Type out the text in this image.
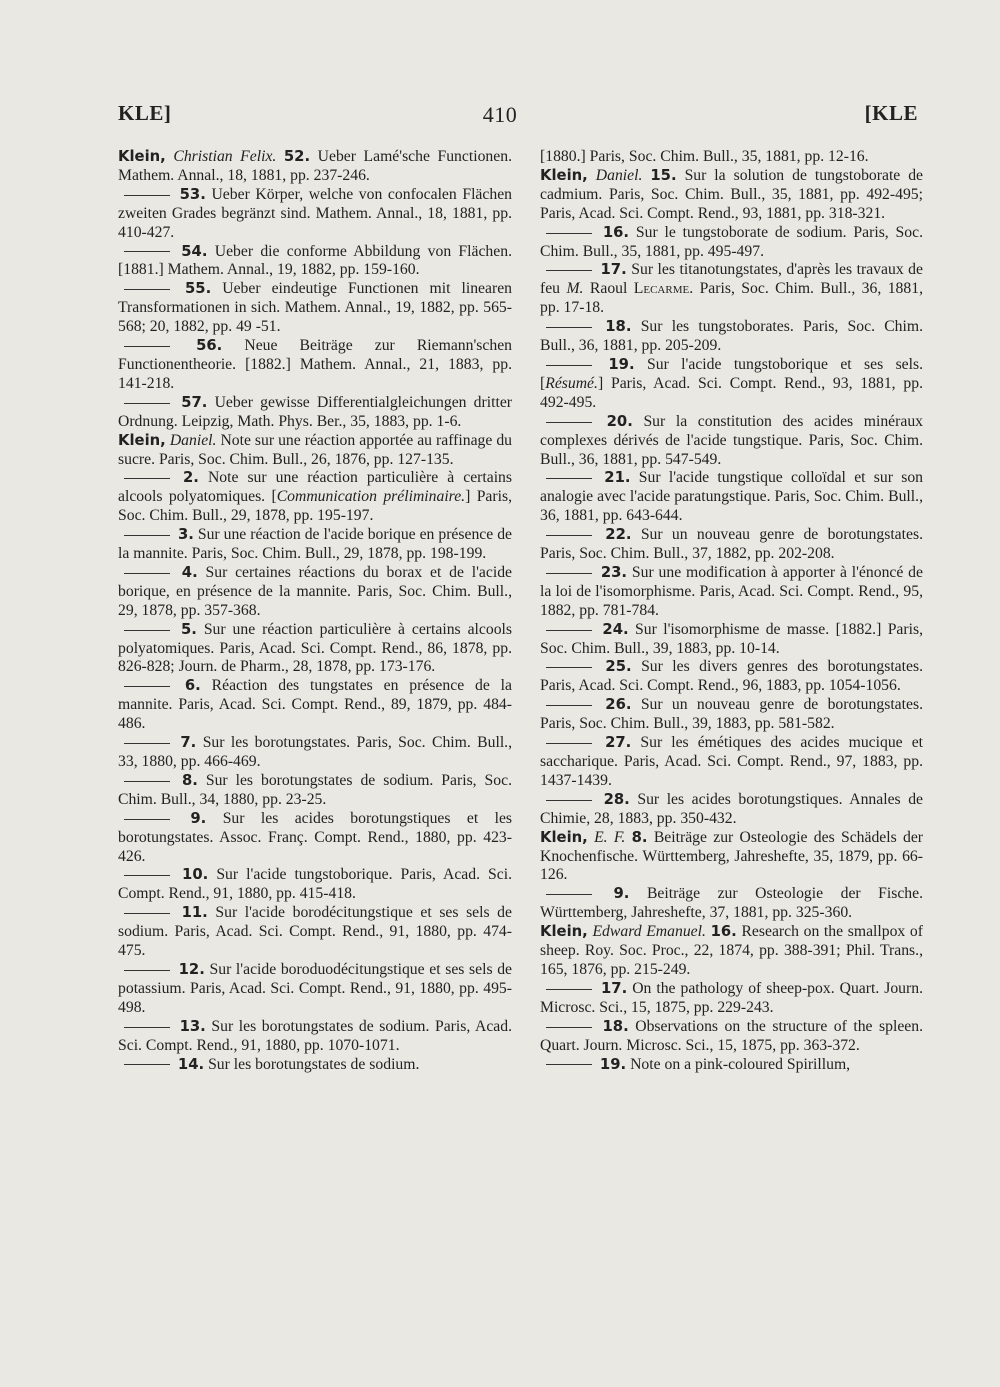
KLE]	410	[KLE

Klein, Christian Felix. 52. Ueber Lamé'sche Functionen. Mathem. Annal., 18, 1881, pp. 237-246.

53. Ueber Körper, welche von confocalen Flächen zweiten Grades begränzt sind. Mathem. Annal., 18, 1881, pp. 410-427.

54. Ueber die conforme Abbildung von Flächen. [1881.] Mathem. Annal., 19, 1882, pp. 159-160.

55. Ueber eindeutige Functionen mit linearen Transformationen in sich. Mathem. Annal., 19, 1882, pp. 565-568; 20, 1882, pp. 49 -51.

56. Neue Beiträge zur Riemann'schen Functionentheorie. [1882.] Mathem. Annal., 21, 1883, pp. 141-218.

57. Ueber gewisse Differentialgleichungen dritter Ordnung. Leipzig, Math. Phys. Ber., 35, 1883, pp. 1-6.

Klein, Daniel. Note sur une réaction apportée au raffinage du sucre. Paris, Soc. Chim. Bull., 26, 1876, pp. 127-135.

2. Note sur une réaction particulière à certains alcools polyatomiques. [Communication préliminaire.] Paris, Soc. Chim. Bull., 29, 1878, pp. 195-197.

3. Sur une réaction de l'acide borique en présence de la mannite. Paris, Soc. Chim. Bull., 29, 1878, pp. 198-199.

4. Sur certaines réactions du borax et de l'acide borique, en présence de la mannite. Paris, Soc. Chim. Bull., 29, 1878, pp. 357-368.

5. Sur une réaction particulière à certains alcools polyatomiques. Paris, Acad. Sci. Compt. Rend., 86, 1878, pp. 826-828; Journ. de Pharm., 28, 1878, pp. 173-176.

6. Réaction des tungstates en présence de la mannite. Paris, Acad. Sci. Compt. Rend., 89, 1879, pp. 484-486.

7. Sur les borotungstates. Paris, Soc. Chim. Bull., 33, 1880, pp. 466-469.

8. Sur les borotungstates de sodium. Paris, Soc. Chim. Bull., 34, 1880, pp. 23-25.

9. Sur les acides borotungstiques et les borotungstates. Assoc. Franç. Compt. Rend., 1880, pp. 423-426.

10. Sur l'acide tungstoborique. Paris, Acad. Sci. Compt. Rend., 91, 1880, pp. 415-418.

11. Sur l'acide borodécitungstique et ses sels de sodium. Paris, Acad. Sci. Compt. Rend., 91, 1880, pp. 474-475.

12. Sur l'acide boroduodécitungstique et ses sels de potassium. Paris, Acad. Sci. Compt. Rend., 91, 1880, pp. 495-498.

13. Sur les borotungstates de sodium. Paris, Acad. Sci. Compt. Rend., 91, 1880, pp. 1070-1071.

14. Sur les borotungstates de sodium.

[1880.] Paris, Soc. Chim. Bull., 35, 1881, pp. 12-16.

Klein, Daniel. 15. Sur la solution de tungstoborate de cadmium. Paris, Soc. Chim. Bull., 35, 1881, pp. 492-495; Paris, Acad. Sci. Compt. Rend., 93, 1881, pp. 318-321.

16. Sur le tungstoborate de sodium. Paris, Soc. Chim. Bull., 35, 1881, pp. 495-497.

17. Sur les titanotungstates, d'après les travaux de feu M. Raoul Lecarme. Paris, Soc. Chim. Bull., 36, 1881, pp. 17-18.

18. Sur les tungstoborates. Paris, Soc. Chim. Bull., 36, 1881, pp. 205-209.

19. Sur l'acide tungstoborique et ses sels. [Résumé.] Paris, Acad. Sci. Compt. Rend., 93, 1881, pp. 492-495.

20. Sur la constitution des acides minéraux complexes dérivés de l'acide tungstique. Paris, Soc. Chim. Bull., 36, 1881, pp. 547-549.

21. Sur l'acide tungstique colloïdal et sur son analogie avec l'acide paratungstique. Paris, Soc. Chim. Bull., 36, 1881, pp. 643-644.

22. Sur un nouveau genre de borotungstates. Paris, Soc. Chim. Bull., 37, 1882, pp. 202-208.

23. Sur une modification à apporter à l'énoncé de la loi de l'isomorphisme. Paris, Acad. Sci. Compt. Rend., 95, 1882, pp. 781-784.

24. Sur l'isomorphisme de masse. [1882.] Paris, Soc. Chim. Bull., 39, 1883, pp. 10-14.

25. Sur les divers genres des borotungstates. Paris, Acad. Sci. Compt. Rend., 96, 1883, pp. 1054-1056.

26. Sur un nouveau genre de borotungstates. Paris, Soc. Chim. Bull., 39, 1883, pp. 581-582.

27. Sur les émétiques des acides mucique et saccharique. Paris, Acad. Sci. Compt. Rend., 97, 1883, pp. 1437-1439.

28. Sur les acides borotungstiques. Annales de Chimie, 28, 1883, pp. 350-432.

Klein, E. F. 8. Beiträge zur Osteologie des Schädels der Knochenfische. Württemberg, Jahreshefte, 35, 1879, pp. 66-126.

9. Beiträge zur Osteologie der Fische. Württemberg, Jahreshefte, 37, 1881, pp. 325-360.

Klein, Edward Emanuel. 16. Research on the smallpox of sheep. Roy. Soc. Proc., 22, 1874, pp. 388-391; Phil. Trans., 165, 1876, pp. 215-249.

17. On the pathology of sheep-pox. Quart. Journ. Microsc. Sci., 15, 1875, pp. 229-243.

18. Observations on the structure of the spleen. Quart. Journ. Microsc. Sci., 15, 1875, pp. 363-372.

19. Note on a pink-coloured Spirillum,
